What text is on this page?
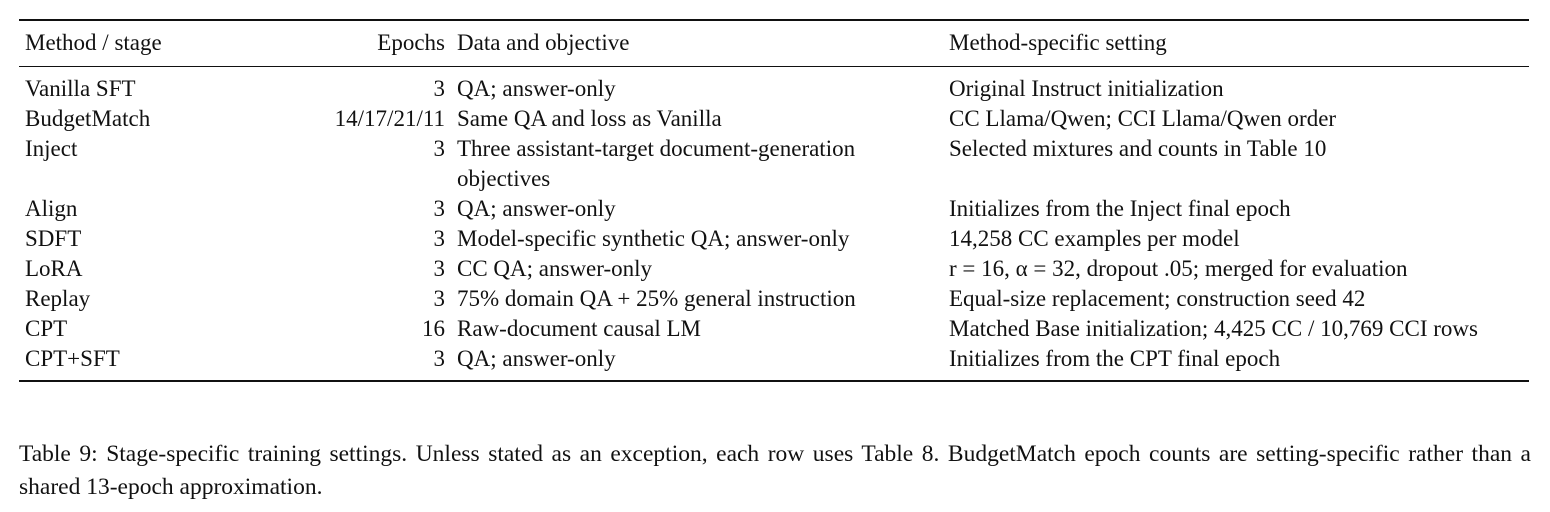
Method / stage	Epochs	Data and objective	Method-specific setting
Vanilla SFT	3	QA; answer-only	Original Instruct initialization
BudgetMatch	14/17/21/11	Same QA and loss as Vanilla	CC Llama/Qwen; CCI Llama/Qwen order
Inject	3	Three assistant-target document-generation objectives	Selected mixtures and counts in Table 10
Align	3	QA; answer-only	Initializes from the Inject final epoch
SDFT	3	Model-specific synthetic QA; answer-only	14,258 CC examples per model
LoRA	3	CC QA; answer-only	r = 16, α = 32, dropout .05; merged for evaluation
Replay	3	75% domain QA + 25% general instruction	Equal-size replacement; construction seed 42
CPT	16	Raw-document causal LM	Matched Base initialization; 4,425 CC / 10,769 CCI rows
CPT+SFT	3	QA; answer-only	Initializes from the CPT final epoch
Table 9: Stage-specific training settings. Unless stated as an exception, each row uses Table 8. BudgetMatch epoch counts are setting-specific rather than a shared 13-epoch approximation.
